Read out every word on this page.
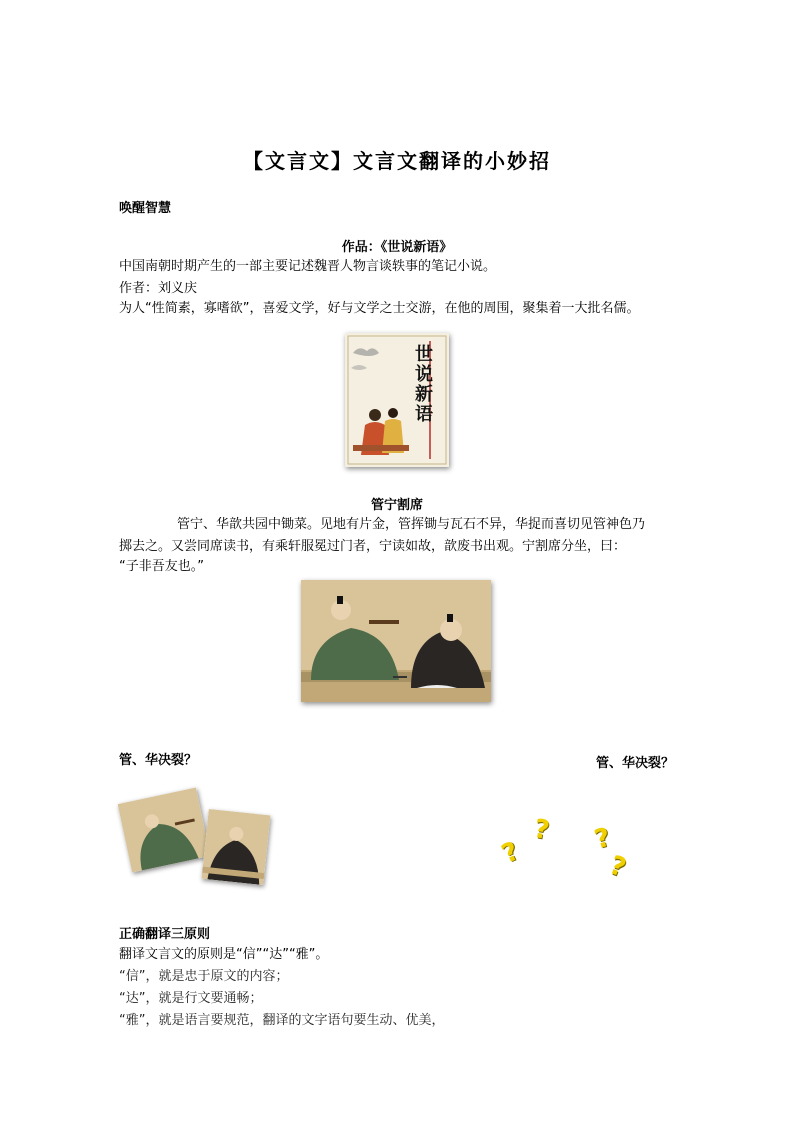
【文言文】文言文翻译的小妙招
唤醒智慧
作品：《世说新语》
中国南朝时期产生的一部主要记述魏晋人物言谈轶事的笔记小说。
作者：刘义庆
为人“性简素，寡嗜欲”，喜爱文学，好与文学之士交游，在他的周围，聚集着一大批名儒。
世
说
新
语
管宁割席
管宁、华歆共园中锄菜。见地有片金，管挥锄与瓦石不异，华捉而喜切见管神色乃
掷去之。又尝同席读书，有乘轩服冕过门者，宁读如故，歆废书出观。宁割席分坐，曰：
“子非吾友也。”
管、华决裂？	管、华决裂？
?
? ?
?
正确翻译三原则
翻译文言文的原则是“信”“达”“雅”。
“信”，就是忠于原文的内容；
“达”，就是行文要通畅；
“雅”，就是语言要规范，翻译的文字语句要生动、优美，
